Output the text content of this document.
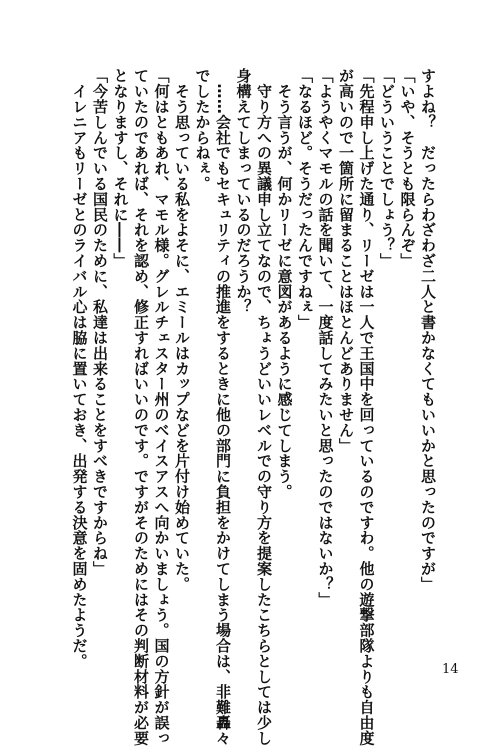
すよね？　だったらわざわざ二人と書かなくてもいいかと思ったのですが」

「いや、そうとも限らんぞ」

「どういうことでしょう？」

「先程申し上げた通り、リーゼは一人で王国中を回っているのですわ。他の遊撃部隊よりも自由度

が高いので一箇所に留まることはほとんどありません」

「ようやくマモルの話を聞いて、一度話してみたいと思ったのではないか？」

「なるほど。そうだったんですねぇ」

　そう言うが、何かリーゼに意図があるように感じてしまう。

　守り方への異議申し立てなので、ちょうどいいレベルでの守り方を提案したこちらとしては少し

身構えてしまっているのだろうか？

　……会社でもセキュリティの推進をするときに他の部門に負担をかけてしまう場合は、非難轟々

でしたからねぇ。

　そう思っている私をよそに、エミールはカップなどを片付け始めていた。

「何はともあれ、マモル様。グレルチェスター州のベイスアスへ向かいましょう。国の方針が誤っ

ていたのであれば、それを認め、修正すればいいのです。ですがそのためにはその判断材料が必要

となりますし、それに――」

「今苦しんでいる国民のために、私達は出来ることをすべきですからね」

　イレニアもリーゼとのライバル心は脇に置いておき、出発する決意を固めたようだ。

14
